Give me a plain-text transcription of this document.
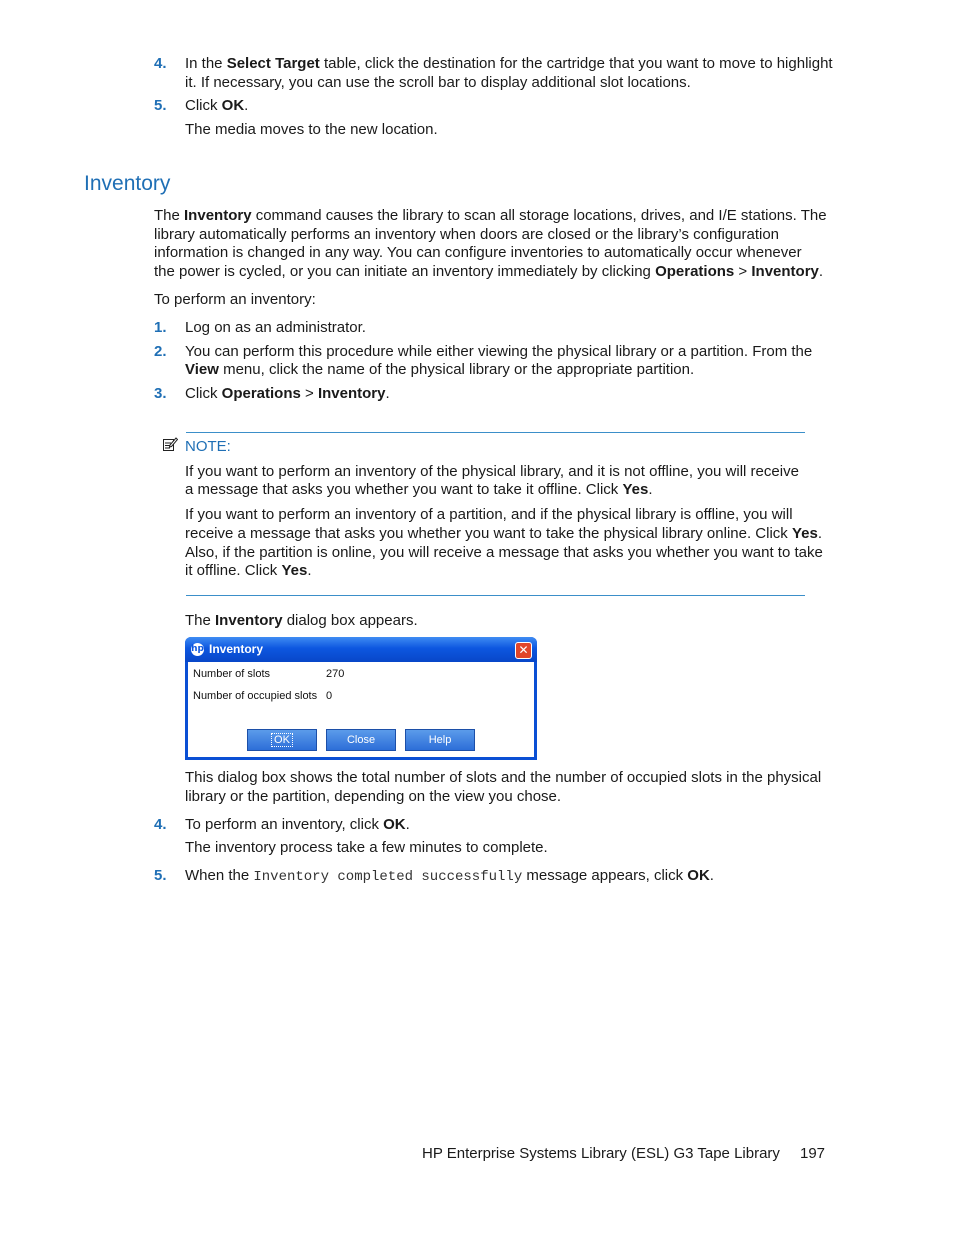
4. In the Select Target table, click the destination for the cartridge that you want to move to highlight
it. If necessary, you can use the scroll bar to display additional slot locations.
5. Click OK.
The media moves to the new location.
Inventory
The Inventory command causes the library to scan all storage locations, drives, and I/E stations. The
library automatically performs an inventory when doors are closed or the library’s configuration
information is changed in any way. You can configure inventories to automatically occur whenever
the power is cycled, or you can initiate an inventory immediately by clicking Operations > Inventory.
To perform an inventory:
1. Log on as an administrator.
2. You can perform this procedure while either viewing the physical library or a partition. From the
View menu, click the name of the physical library or the appropriate partition.
3. Click Operations > Inventory.
NOTE:
If you want to perform an inventory of the physical library, and it is not offline, you will receive
a message that asks you whether you want to take it offline. Click Yes.
If you want to perform an inventory of a partition, and if the physical library is offline, you will
receive a message that asks you whether you want to take the physical library online. Click Yes.
Also, if the partition is online, you will receive a message that asks you whether you want to take
it offline. Click Yes.
The Inventory dialog box appears.
hp Inventory	✕
Number of slots	270
Number of occupied slots 0
OK	Close	Help
This dialog box shows the total number of slots and the number of occupied slots in the physical
library or the partition, depending on the view you chose.
4. To perform an inventory, click OK.
The inventory process take a few minutes to complete.
5. When the Inventory completed successfully message appears, click OK.
HP Enterprise Systems Library (ESL) G3 Tape Library 197
